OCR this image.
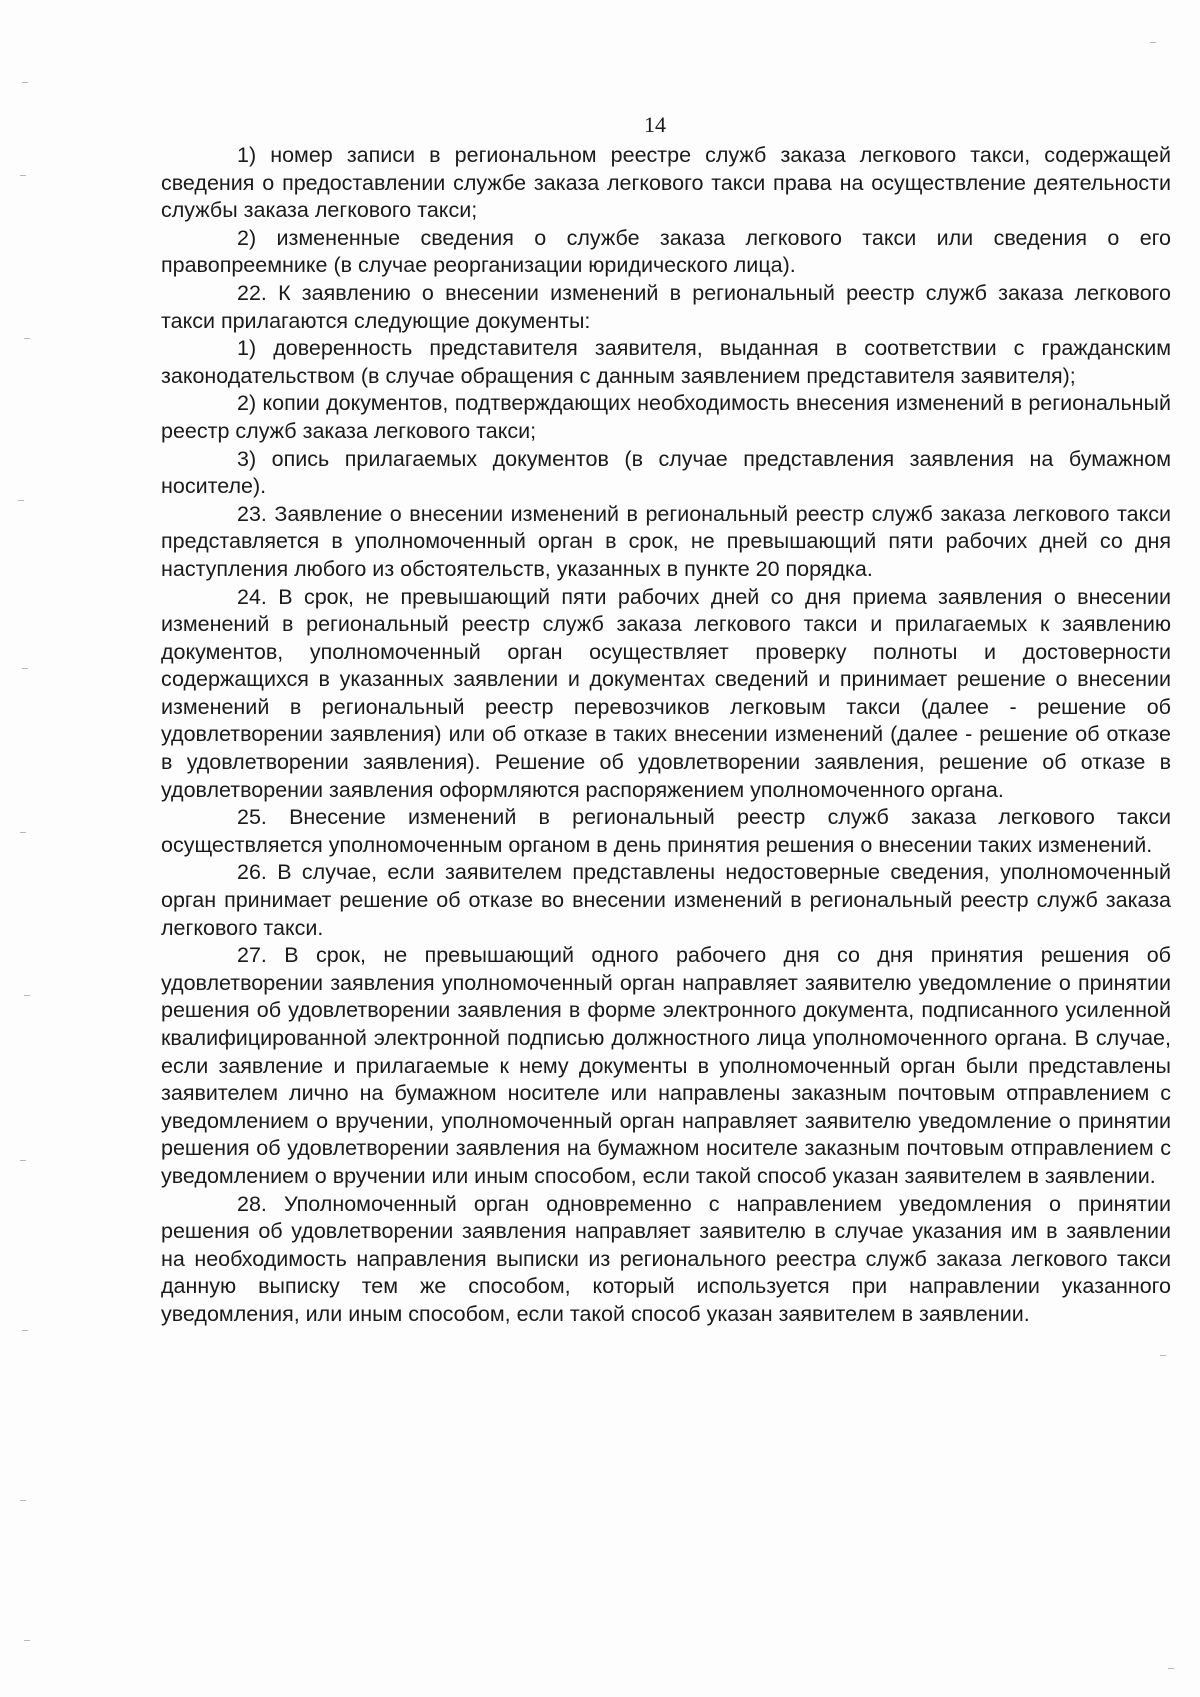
14

1) номер записи в региональном реестре служб заказа легкового такси, содержащей сведения о предоставлении службе заказа легкового такси права на осуществление деятельности службы заказа легкового такси;

2) измененные сведения о службе заказа легкового такси или сведения о его правопреемнике (в случае реорганизации юридического лица).

22. К заявлению о внесении изменений в региональный реестр служб заказа легкового такси прилагаются следующие документы:

1) доверенность представителя заявителя, выданная в соответствии с гражданским законодательством (в случае обращения с данным заявлением представителя заявителя);

2) копии документов, подтверждающих необходимость внесения изменений в региональный реестр служб заказа легкового такси;

3) опись прилагаемых документов (в случае представления заявления на бумажном носителе).

23. Заявление о внесении изменений в региональный реестр служб заказа легкового такси представляется в уполномоченный орган в срок, не превышающий пяти рабочих дней со дня наступления любого из обстоятельств, указанных в пункте 20 порядка.

24. В срок, не превышающий пяти рабочих дней со дня приема заявления о внесении изменений в региональный реестр служб заказа легкового такси и прилагаемых к заявлению документов, уполномоченный орган осуществляет проверку полноты и достоверности содержащихся в указанных заявлении и документах сведений и принимает решение о внесении изменений в региональный реестр перевозчиков легковым такси (далее - решение об удовлетворении заявления) или об отказе в таких внесении изменений (далее - решение об отказе в удовлетворении заявления). Решение об удовлетворении заявления, решение об отказе в удовлетворении заявления оформляются распоряжением уполномоченного органа.

25. Внесение изменений в региональный реестр служб заказа легкового такси осуществляется уполномоченным органом в день принятия решения о внесении таких изменений.

26. В случае, если заявителем представлены недостоверные сведения, уполномоченный орган принимает решение об отказе во внесении изменений в региональный реестр служб заказа легкового такси.

27. В срок, не превышающий одного рабочего дня со дня принятия решения об удовлетворении заявления уполномоченный орган направляет заявителю уведомление о принятии решения об удовлетворении заявления в форме электронного документа, подписанного усиленной квалифицированной электронной подписью должностного лица уполномоченного органа. В случае, если заявление и прилагаемые к нему документы в уполномоченный орган были представлены заявителем лично на бумажном носителе или направлены заказным почтовым отправлением с уведомлением о вручении, уполномоченный орган направляет заявителю уведомление о принятии решения об удовлетворении заявления на бумажном носителе заказным почтовым отправлением с уведомлением о вручении или иным способом, если такой способ указан заявителем в заявлении.

28. Уполномоченный орган одновременно с направлением уведомления о принятии решения об удовлетворении заявления направляет заявителю в случае указания им в заявлении на необходимость направления выписки из регионального реестра служб заказа легкового такси данную выписку тем же способом, который используется при направлении указанного уведомления, или иным способом, если такой способ указан заявителем в заявлении.
